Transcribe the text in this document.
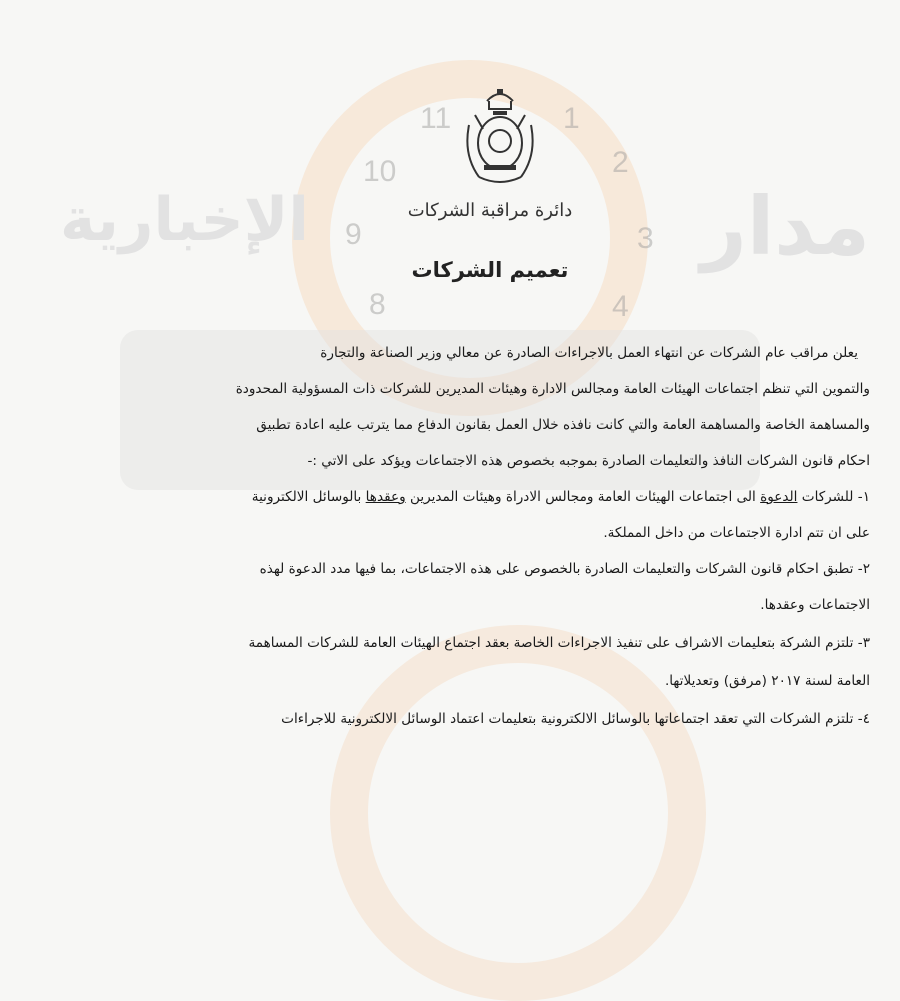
مدار
الإخبارية
11	1
10	2
9	3
8	4
دائرة مراقبة الشركات
تعميم الشركات
يعلن مراقب عام الشركات عن انتهاء العمل بالاجراءات الصادرة عن معالي وزير الصناعة والتجارة
والتموين التي تنظم اجتماعات الهيئات العامة ومجالس الادارة وهيئات المديرين للشركات ذات المسؤولية المحدودة
والمساهمة الخاصة والمساهمة العامة والتي كانت نافذه خلال العمل بقانون الدفاع مما يترتب عليه اعادة تطبيق
احكام قانون الشركات النافذ والتعليمات الصادرة بموجبه بخصوص هذه الاجتماعات ويؤكد على الاتي :-
١- للشركات الدعوة الى اجتماعات الهيئات العامة ومجالس الادراة وهيئات المديرين وعقدها بالوسائل الالكترونية
على ان تتم ادارة الاجتماعات من داخل المملكة.
٢- تطبق احكام قانون الشركات والتعليمات الصادرة بالخصوص على هذه الاجتماعات، بما فيها مدد الدعوة لهذه
الاجتماعات وعقدها.
٣- تلتزم الشركة بتعليمات الاشراف على تنفيذ الاجراءات الخاصة بعقد اجتماع الهيئات العامة للشركات المساهمة
العامة لسنة ٢٠١٧ (مرفق) وتعديلاتها.
٤- تلتزم الشركات التي تعقد اجتماعاتها بالوسائل الالكترونية بتعليمات اعتماد الوسائل الالكترونية للاجراءات
